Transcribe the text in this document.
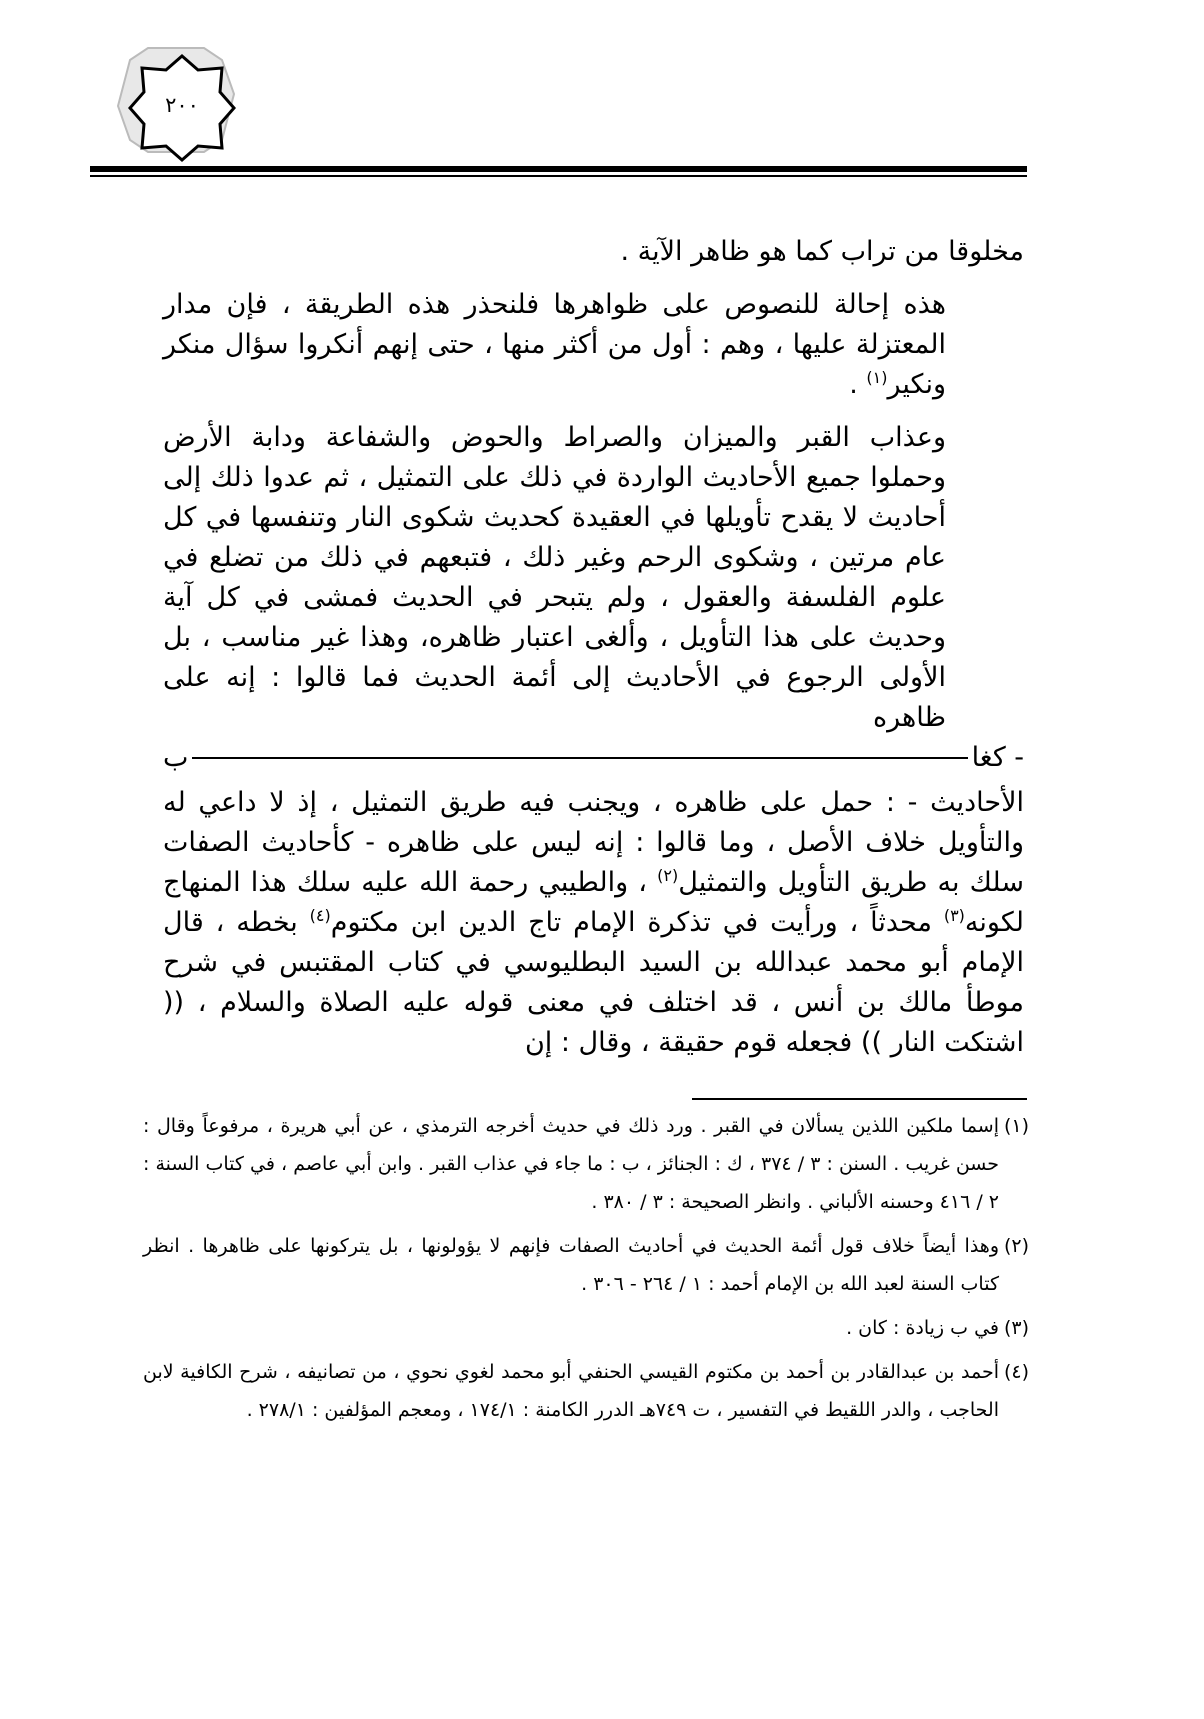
٢٠٠

مخلوقا من تراب كما هو ظاهر الآية .

هذه إحالة للنصوص على ظواهرها فلنحذر هذه الطريقة ، فإن مدار المعتزلة عليها ، وهم : أول من أكثر منها ، حتى إنهم أنكروا سؤال منكر ونكير$^{(١)}$ .

وعذاب القبر والميزان والصراط والحوض والشفاعة ودابة الأرض وحملوا جميع الأحاديث الواردة في ذلك على التمثيل ، ثم عدوا ذلك إلى أحاديث لا يقدح تأويلها في العقيدة كحديث شكوى النار وتنفسها في كل عام مرتين ، وشكوى الرحم وغير ذلك ، فتبعهم في ذلك من تضلع في علوم الفلسفة والعقول ، ولم يتبحر في الحديث فمشى في كل آية وحديث على هذا التأويل ، وألغى اعتبار ظاهره، وهذا غير مناسب ، بل الأولى الرجوع في الأحاديث إلى أئمة الحديث فما قالوا : إنه على ظاهره

- كغا
ب

الأحاديث - : حمل على ظاهره ، ويجنب فيه طريق التمثيل ، إذ لا داعي له والتأويل خلاف الأصل ، وما قالوا : إنه ليس على ظاهره - كأحاديث الصفات سلك به طريق التأويل والتمثيل$^{(٢)}$ ، والطيبي رحمة الله عليه سلك هذا المنهاج لكونه$^{(٣)}$ محدثاً ، ورأيت في تذكرة الإمام تاج الدين ابن مكتوم$^{(٤)}$ بخطه ، قال الإمام أبو محمد عبدالله بن السيد البطليوسي في كتاب المقتبس في شرح موطأ مالك بن أنس ، قد اختلف في معنى قوله عليه الصلاة والسلام ، (( اشتكت النار )) فجعله قوم حقيقة ، وقال : إن

(١)
إسما ملكين اللذين يسألان في القبر . ورد ذلك في حديث أخرجه الترمذي ، عن أبي هريرة ، مرفوعاً وقال : حسن غريب . السنن : ٣ / ٣٧٤ ، ك : الجنائز ، ب : ما جاء في عذاب القبر . وابن أبي عاصم ، في كتاب السنة : ٢ / ٤١٦ وحسنه الألباني . وانظر الصحيحة : ٣ / ٣٨٠ .
(٢)
وهذا أيضاً خلاف قول أئمة الحديث في أحاديث الصفات فإنهم لا يؤولونها ، بل يتركونها على ظاهرها . انظر كتاب السنة لعبد الله بن الإمام أحمد : ١ / ٢٦٤ - ٣٠٦ .
(٣)
في ب زيادة : كان .
(٤)
أحمد بن عبدالقادر بن أحمد بن مكتوم القيسي الحنفي أبو محمد لغوي نحوي ، من تصانيفه ، شرح الكافية لابن الحاجب ، والدر اللقيط في التفسير ، ت ٧٤٩هـ الدرر الكامنة : ١٧٤/١ ، ومعجم المؤلفين : ٢٧٨/١ .
